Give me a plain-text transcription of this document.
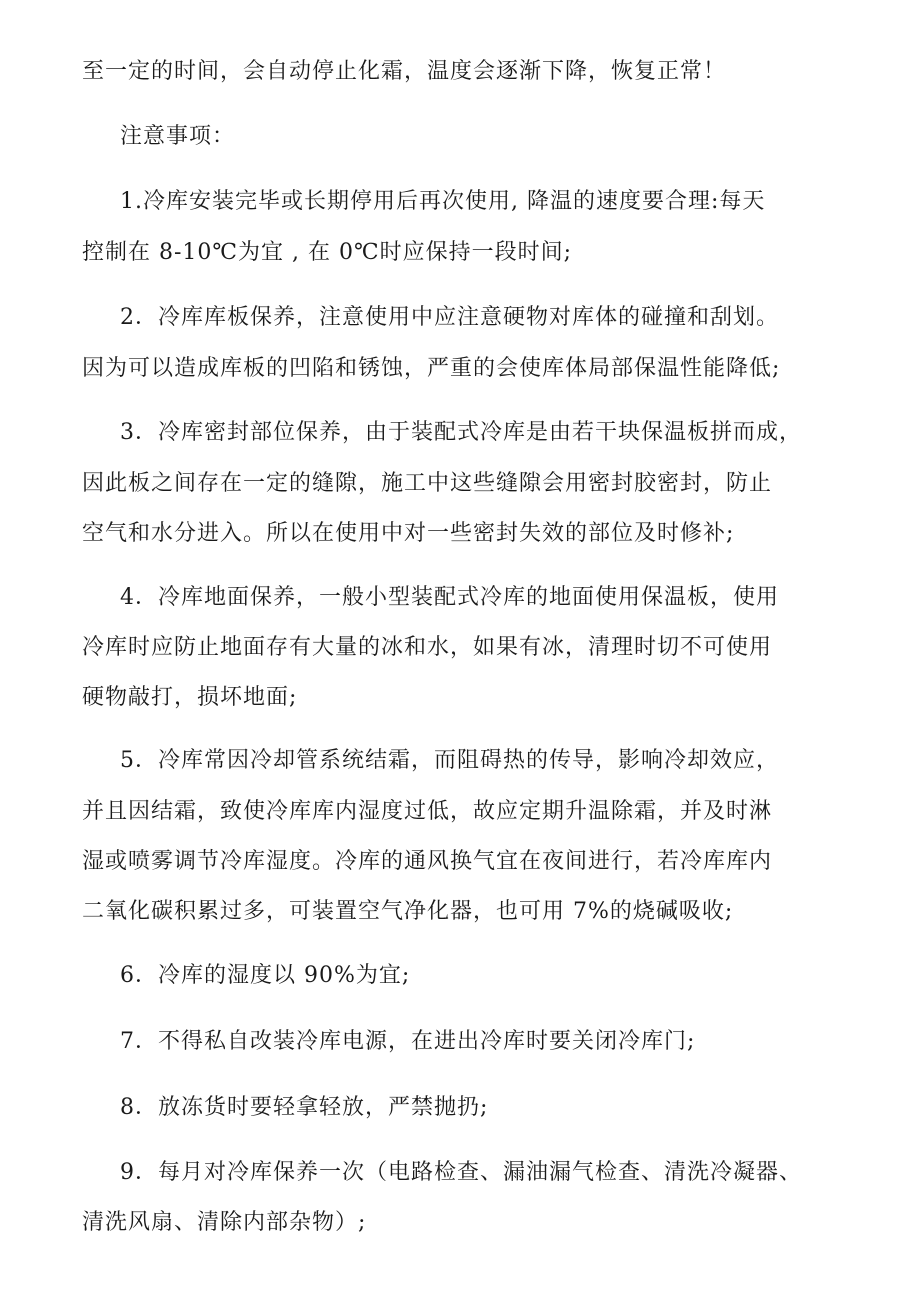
至一定的时间，会自动停止化霜，温度会逐渐下降，恢复正常！
注意事项：
1.冷库安装完毕或长期停用后再次使用, 降温的速度要合理:每天
控制在 8-10℃为宜 , 在 0℃时应保持一段时间;
2．冷库库板保养，注意使用中应注意硬物对库体的碰撞和刮划。
因为可以造成库板的凹陷和锈蚀，严重的会使库体局部保温性能降低;
3．冷库密封部位保养，由于装配式冷库是由若干块保温板拼而成，
因此板之间存在一定的缝隙，施工中这些缝隙会用密封胶密封，防止
空气和水分进入。所以在使用中对一些密封失效的部位及时修补;
4．冷库地面保养，一般小型装配式冷库的地面使用保温板，使用
冷库时应防止地面存有大量的冰和水，如果有冰，清理时切不可使用
硬物敲打，损坏地面;
5．冷库常因冷却管系统结霜，而阻碍热的传导，影响冷却效应，
并且因结霜，致使冷库库内湿度过低，故应定期升温除霜，并及时淋
湿或喷雾调节冷库湿度。冷库的通风换气宜在夜间进行，若冷库库内
二氧化碳积累过多，可装置空气净化器，也可用 7%的烧碱吸收;
6．冷库的湿度以 90%为宜;
7．不得私自改装冷库电源，在进出冷库时要关闭冷库门;
8．放冻货时要轻拿轻放，严禁抛扔;
9．每月对冷库保养一次（电路检查、漏油漏气检查、清洗冷凝器、
清洗风扇、清除内部杂物）;
